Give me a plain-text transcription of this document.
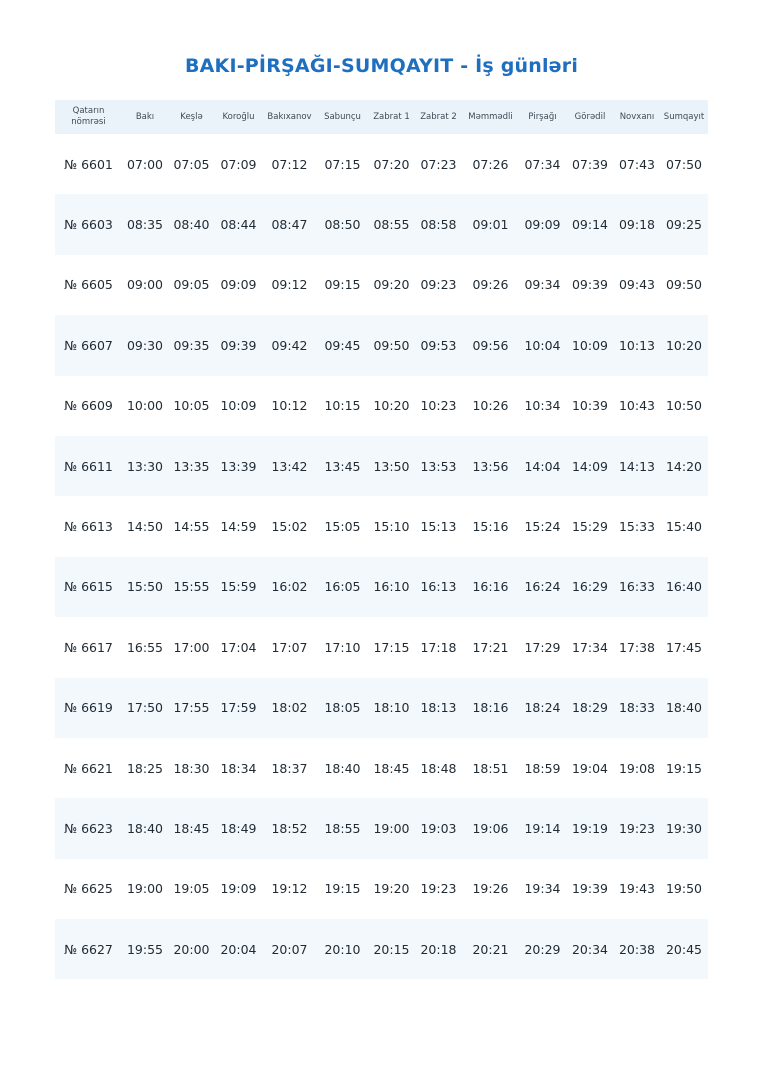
BAKI-PİRŞAĞI-SUMQAYIT - İş günləri
Qatarın nömrəsi	Bakı	Keşlə	Koroğlu	Bakıxanov	Sabunçu	Zabrat 1	Zabrat 2	Məmmədli	Pirşağı	Görədil	Novxanı	Sumqayıt
№ 6601	07:00	07:05	07:09	07:12	07:15	07:20	07:23	07:26	07:34	07:39	07:43	07:50
№ 6603	08:35	08:40	08:44	08:47	08:50	08:55	08:58	09:01	09:09	09:14	09:18	09:25
№ 6605	09:00	09:05	09:09	09:12	09:15	09:20	09:23	09:26	09:34	09:39	09:43	09:50
№ 6607	09:30	09:35	09:39	09:42	09:45	09:50	09:53	09:56	10:04	10:09	10:13	10:20
№ 6609	10:00	10:05	10:09	10:12	10:15	10:20	10:23	10:26	10:34	10:39	10:43	10:50
№ 6611	13:30	13:35	13:39	13:42	13:45	13:50	13:53	13:56	14:04	14:09	14:13	14:20
№ 6613	14:50	14:55	14:59	15:02	15:05	15:10	15:13	15:16	15:24	15:29	15:33	15:40
№ 6615	15:50	15:55	15:59	16:02	16:05	16:10	16:13	16:16	16:24	16:29	16:33	16:40
№ 6617	16:55	17:00	17:04	17:07	17:10	17:15	17:18	17:21	17:29	17:34	17:38	17:45
№ 6619	17:50	17:55	17:59	18:02	18:05	18:10	18:13	18:16	18:24	18:29	18:33	18:40
№ 6621	18:25	18:30	18:34	18:37	18:40	18:45	18:48	18:51	18:59	19:04	19:08	19:15
№ 6623	18:40	18:45	18:49	18:52	18:55	19:00	19:03	19:06	19:14	19:19	19:23	19:30
№ 6625	19:00	19:05	19:09	19:12	19:15	19:20	19:23	19:26	19:34	19:39	19:43	19:50
№ 6627	19:55	20:00	20:04	20:07	20:10	20:15	20:18	20:21	20:29	20:34	20:38	20:45
